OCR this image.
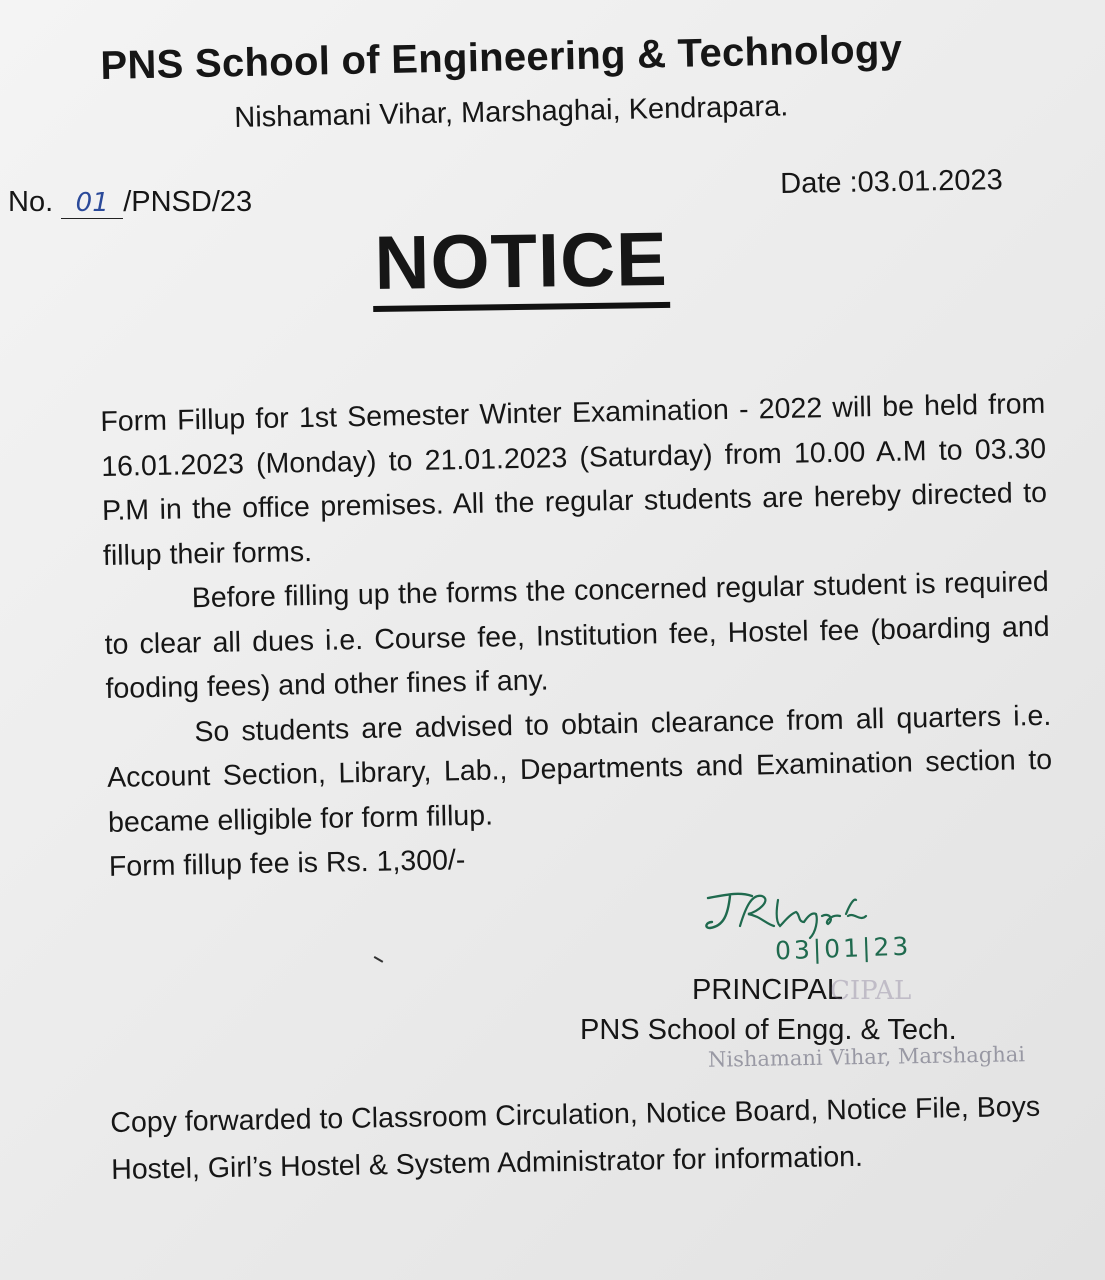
PNS School of Engineering & Technology
Nishamani Vihar, Marshaghai, Kendrapara.
No. 01 /PNSD/23
Date :03.01.2023
NOTICE

Form Fillup for 1st Semester Winter Examination - 2022 will be held from 16.01.2023 (Monday) to 21.01.2023 (Saturday) from 10.00 A.M to 03.30 P.M in the office premises. All the regular students are hereby directed to fillup their forms.

Before filling up the forms the concerned regular student is required to clear all dues i.e. Course fee, Institution fee, Hostel fee (boarding and fooding fees) and other fines if any.

So students are advised to obtain clearance from all quarters i.e. Account Section, Library, Lab., Departments and Examination section to became elligible for form fillup.

Form fillup fee is Rs. 1,300/-

03|01|23
PRINCIPAL
CIPAL
PNS School of Engg. & Tech.
Nishamani Vihar, Marshaghai
Copy forwarded to Classroom Circulation, Notice Board, Notice File, Boys Hostel, Girl’s Hostel & System Administrator for information.
